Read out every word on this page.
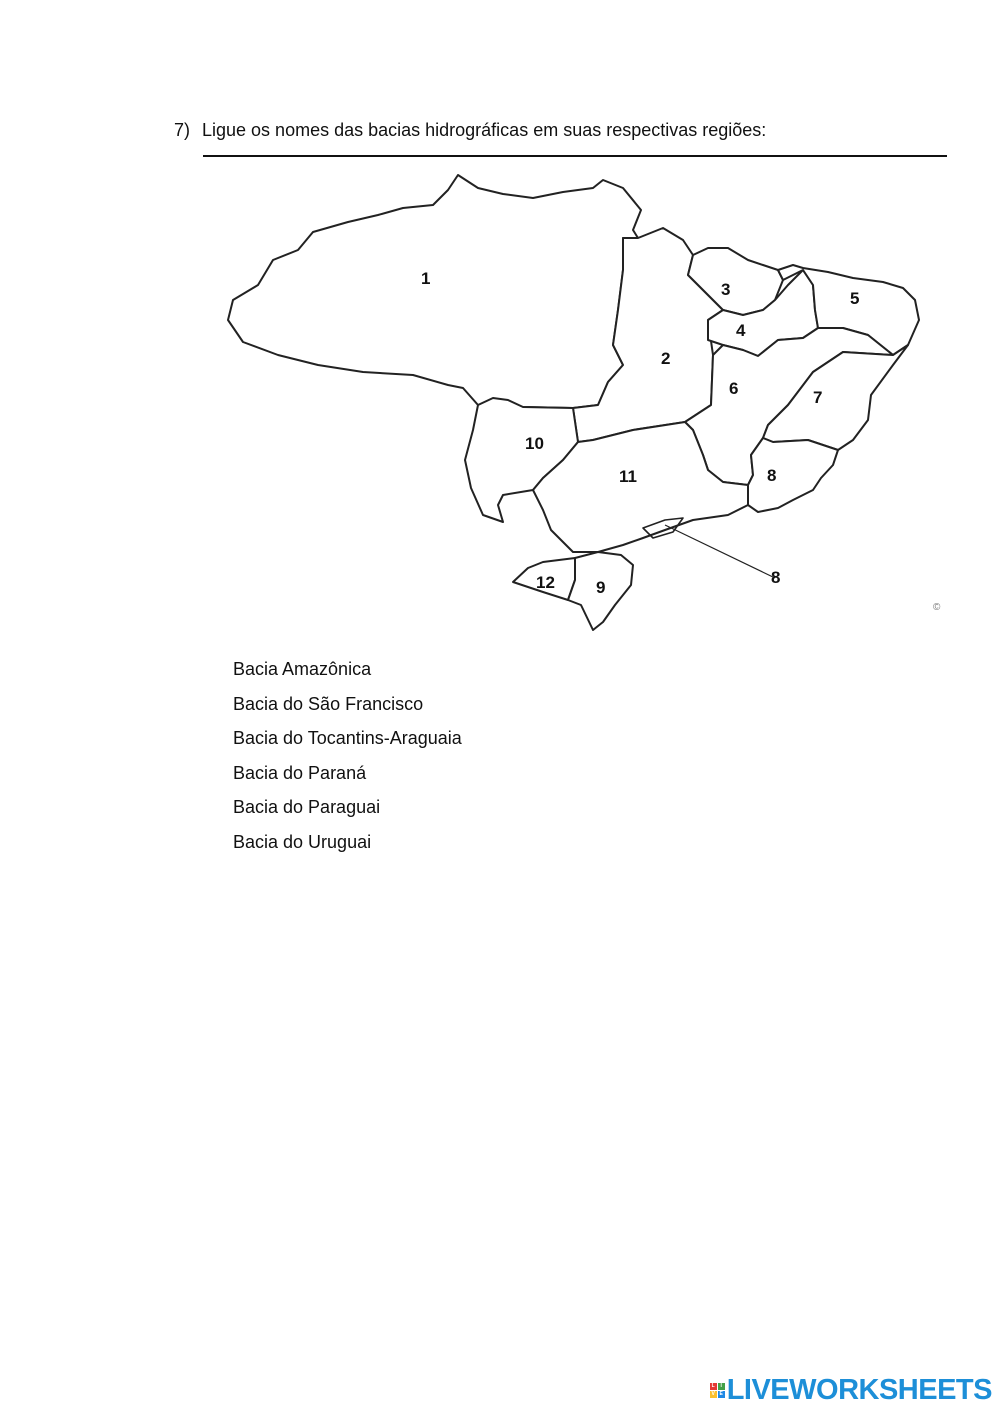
7) Ligue os nomes das bacias hidrográficas em suas respectivas regiões:
1
2
3
4
5
6	7
8
8
9
10
11
12
©
Bacia Amazônica
Bacia do São Francisco
Bacia do Tocantins-Araguaia
Bacia do Paraná
Bacia do Paraguai
Bacia do Uruguai
L	I
V E LIVEWORKSHEETS
